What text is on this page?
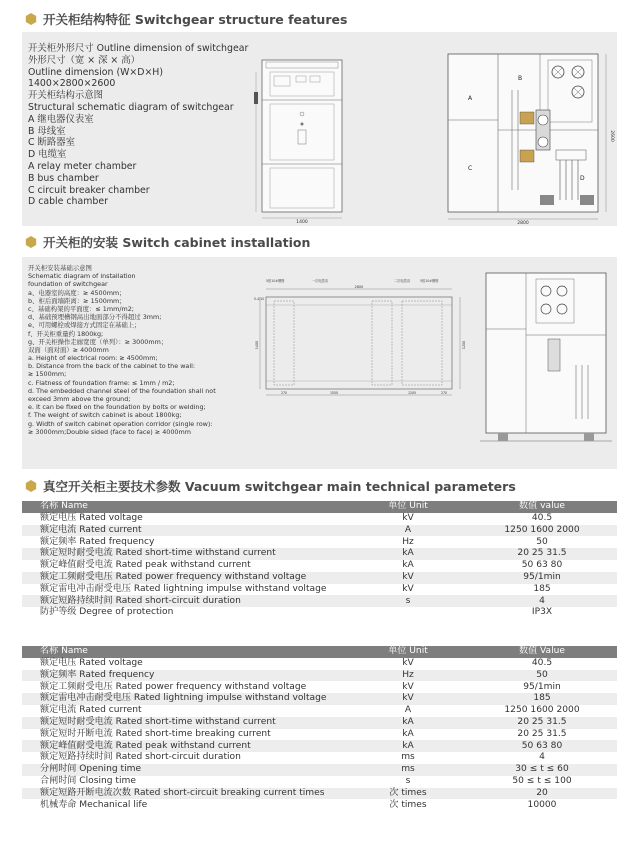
开关柜结构特征 Switchgear structure features
开关柜外形尺寸 Outline dimension of switchgear
外形尺寸（宽 × 深 × 高）
Outline dimension (W×D×H)
1400×2800×2600
开关柜结构示意图
Structural schematic diagram of switchgear
A 继电器仪表室
B 母线室
C 断路器室
D 电缆室
A relay meter chamber
B bus chamber
C circuit breaker chamber
D cable chamber
1400
A
B
C
D
2800
2600
开关柜的安装 Switch cabinet installation
开关柜安装基础示意图
Schematic diagram of installation
foundation of switchgear
a、电器室的高度：≥ 4500mm；
b、柜后面墙距离：≥ 1500mm；
c、基础构架的平面度：≤ 1mm/m2;
d、基础预埋槽钢高出地面部分不得超过 3mm;
e、可用螺栓或焊接方式固定在基础上；
f、开关柜重量约 1800kg;
g、开关柜操作走廊宽度（单列）：≥ 3000mm；
双面（面对面）≥ 4000mm
a. Height of electrical room: ≥ 4500mm;
b. Distance from the back of the cabinet to the wall:
≥ 1500mm;
c. Flatness of foundation frame: ≤ 1mm / m2;
d. The embedded channel steel of the foundation shall not
exceed 3mm above the ground;
e. It can be fixed on the foundation by bolts or welding;
f. The weight of switch cabinet is about 1800kg;
g. Width of switch cabinet operation corridor (single row):
≥ 3000mm;Double sided (face to face) ≥ 4000mm
5根10#槽钢	一次电缆沟	二次电缆沟	5根10#槽钢
0-4/10
2800
270	1550	1205	270
1400	1200
真空开关柜主要技术参数 Vacuum switchgear main technical parameters
名称 Name	单位 Unit	数值 value
额定电压 Rated voltage	kV	40.5
额定电流 Rated current	A	1250 1600 2000
额定频率 Rated frequency	Hz	50
额定短时耐受电流 Rated short-time withstand current	kA	20 25 31.5
额定峰值耐受电流 Rated peak withstand current	kA	50 63 80
额定工频耐受电压 Rated power frequency withstand voltage	kV	95/1min
额定雷电冲击耐受电压 Rated lightning impulse withstand voltage	kV	185
额定短路持续时间 Rated short-circuit duration	s	4
防护等级 Degree of protection		IP3X
名称 Name	单位 Unit	数值 Value
额定电压 Rated voltage	kV	40.5
额定频率 Rated frequency	Hz	50
额定工频耐受电压 Rated power frequency withstand voltage	kV	95/1min
额定雷电冲击耐受电压 Rated lightning impulse withstand voltage	kV	185
额定电流 Rated current	A	1250 1600 2000
额定短时耐受电流 Rated short-time withstand current	kA	20 25 31.5
额定短时开断电流 Rated short-time breaking current	kA	20 25 31.5
额定峰值耐受电流 Rated peak withstand current	kA	50 63 80
额定短路持续时间 Rated short-circuit duration	ms	4
分闸时间 Opening time	ms	30 ≤ t ≤ 60
合闸时间 Closing time	s	50 ≤ t ≤ 100
额定短路开断电流次数 Rated short-circuit breaking current times	次 times	20
机械寿命 Mechanical life	次 times	10000
